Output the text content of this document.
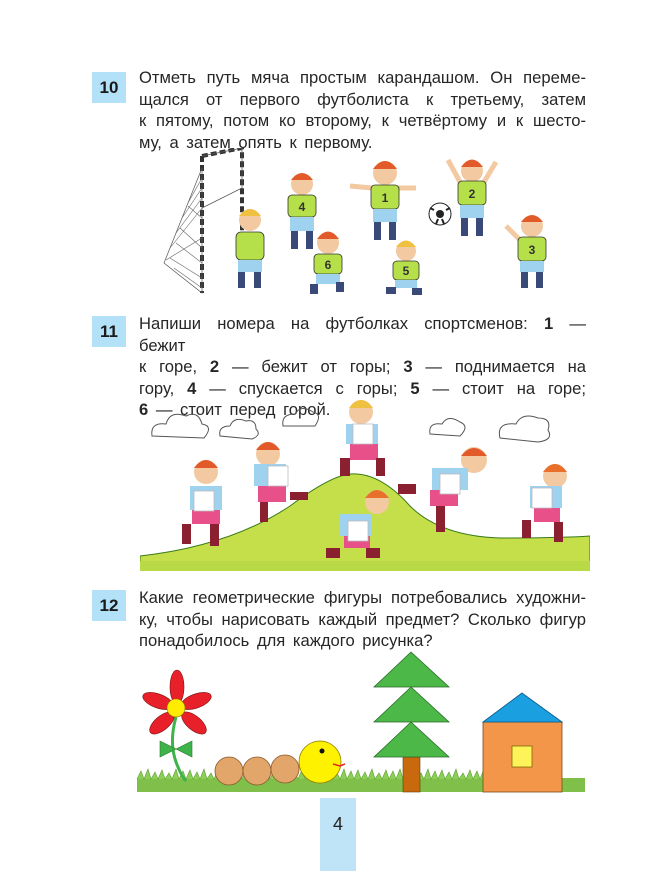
10	Отметь путь мяча простым карандашом. Он переме-
щался от первого футболиста к третьему, затем
к пятому, потом ко второму, к четвёртому и к шесто-
му, а затем опять к первому.
4
1	2
6	5
3
11	Напиши номера на футболках спортсменов: 1 — бежит
к горе, 2 — бежит от горы; 3 — поднимается на
гору, 4 — спускается с горы; 5 — стоит на горе;
6 — стоит перед горой.
12	Какие геометрические фигуры потребовались художни-
ку, чтобы нарисовать каждый предмет? Сколько фигур
понадобилось для каждого рисунка?
4
